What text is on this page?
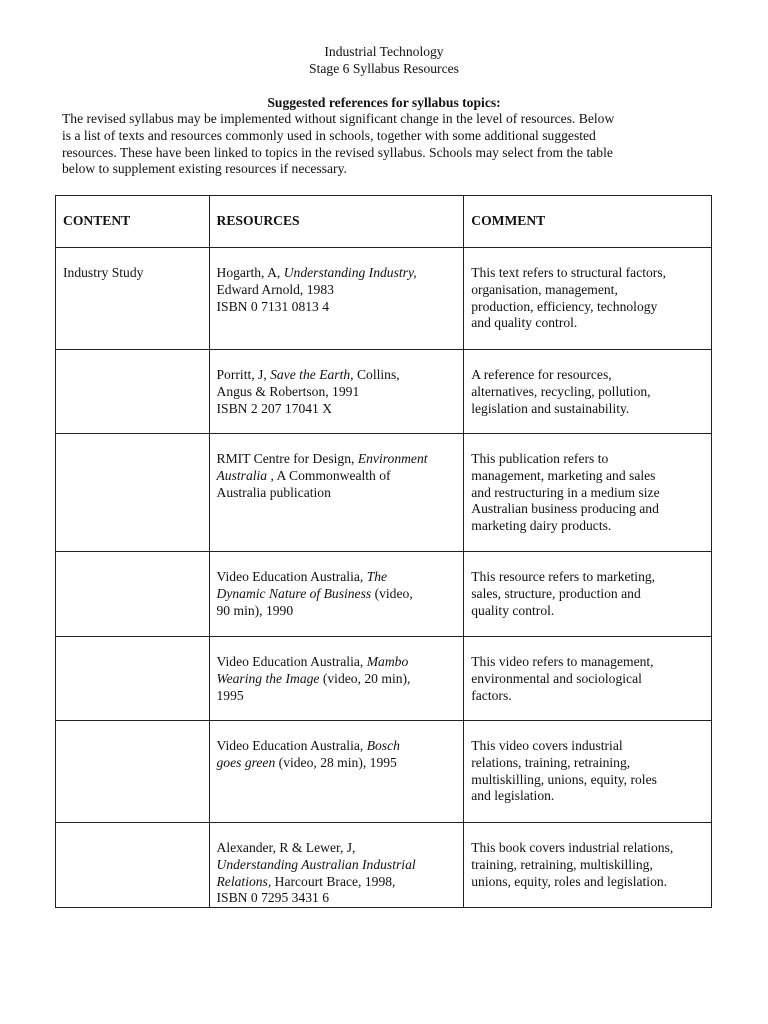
Industrial Technology
Stage 6 Syllabus Resources
Suggested references for syllabus topics:
The revised syllabus may be implemented without significant change in the level of resources. Below
is a list of texts and resources commonly used in schools, together with some additional suggested
resources. These have been linked to topics in the revised syllabus. Schools may select from the table
below to supplement existing resources if necessary.
CONTENT	RESOURCES	COMMENT
Industry Study	Hogarth, A, Understanding Industry,
Edward Arnold, 1983
ISBN 0 7131 0813 4	This text refers to structural factors,
organisation, management,
production, efficiency, technology
and quality control.

	Porritt, J, Save the Earth, Collins,
Angus & Robertson, 1991
ISBN 2 207 17041 X	A reference for resources,
alternatives, recycling, pollution,
legislation and sustainability.

	RMIT Centre for Design, Environment
Australia , A Commonwealth of
Australia publication	This publication refers to
management, marketing and sales
and restructuring in a medium size
Australian business producing and
marketing dairy products.

	Video Education Australia, The
Dynamic Nature of Business (video,
90 min), 1990	This resource refers to marketing,
sales, structure, production and
quality control.

	Video Education Australia, Mambo
Wearing the Image (video, 20 min),
1995	This video refers to management,
environmental and sociological
factors.

	Video Education Australia, Bosch
goes green (video, 28 min), 1995	This video covers industrial
relations, training, retraining,
multiskilling, unions, equity, roles
and legislation.

	Alexander, R & Lewer, J,
Understanding Australian Industrial
Relations, Harcourt Brace, 1998,
ISBN 0 7295 3431 6	This book covers industrial relations,
training, retraining, multiskilling,
unions, equity, roles and legislation.
